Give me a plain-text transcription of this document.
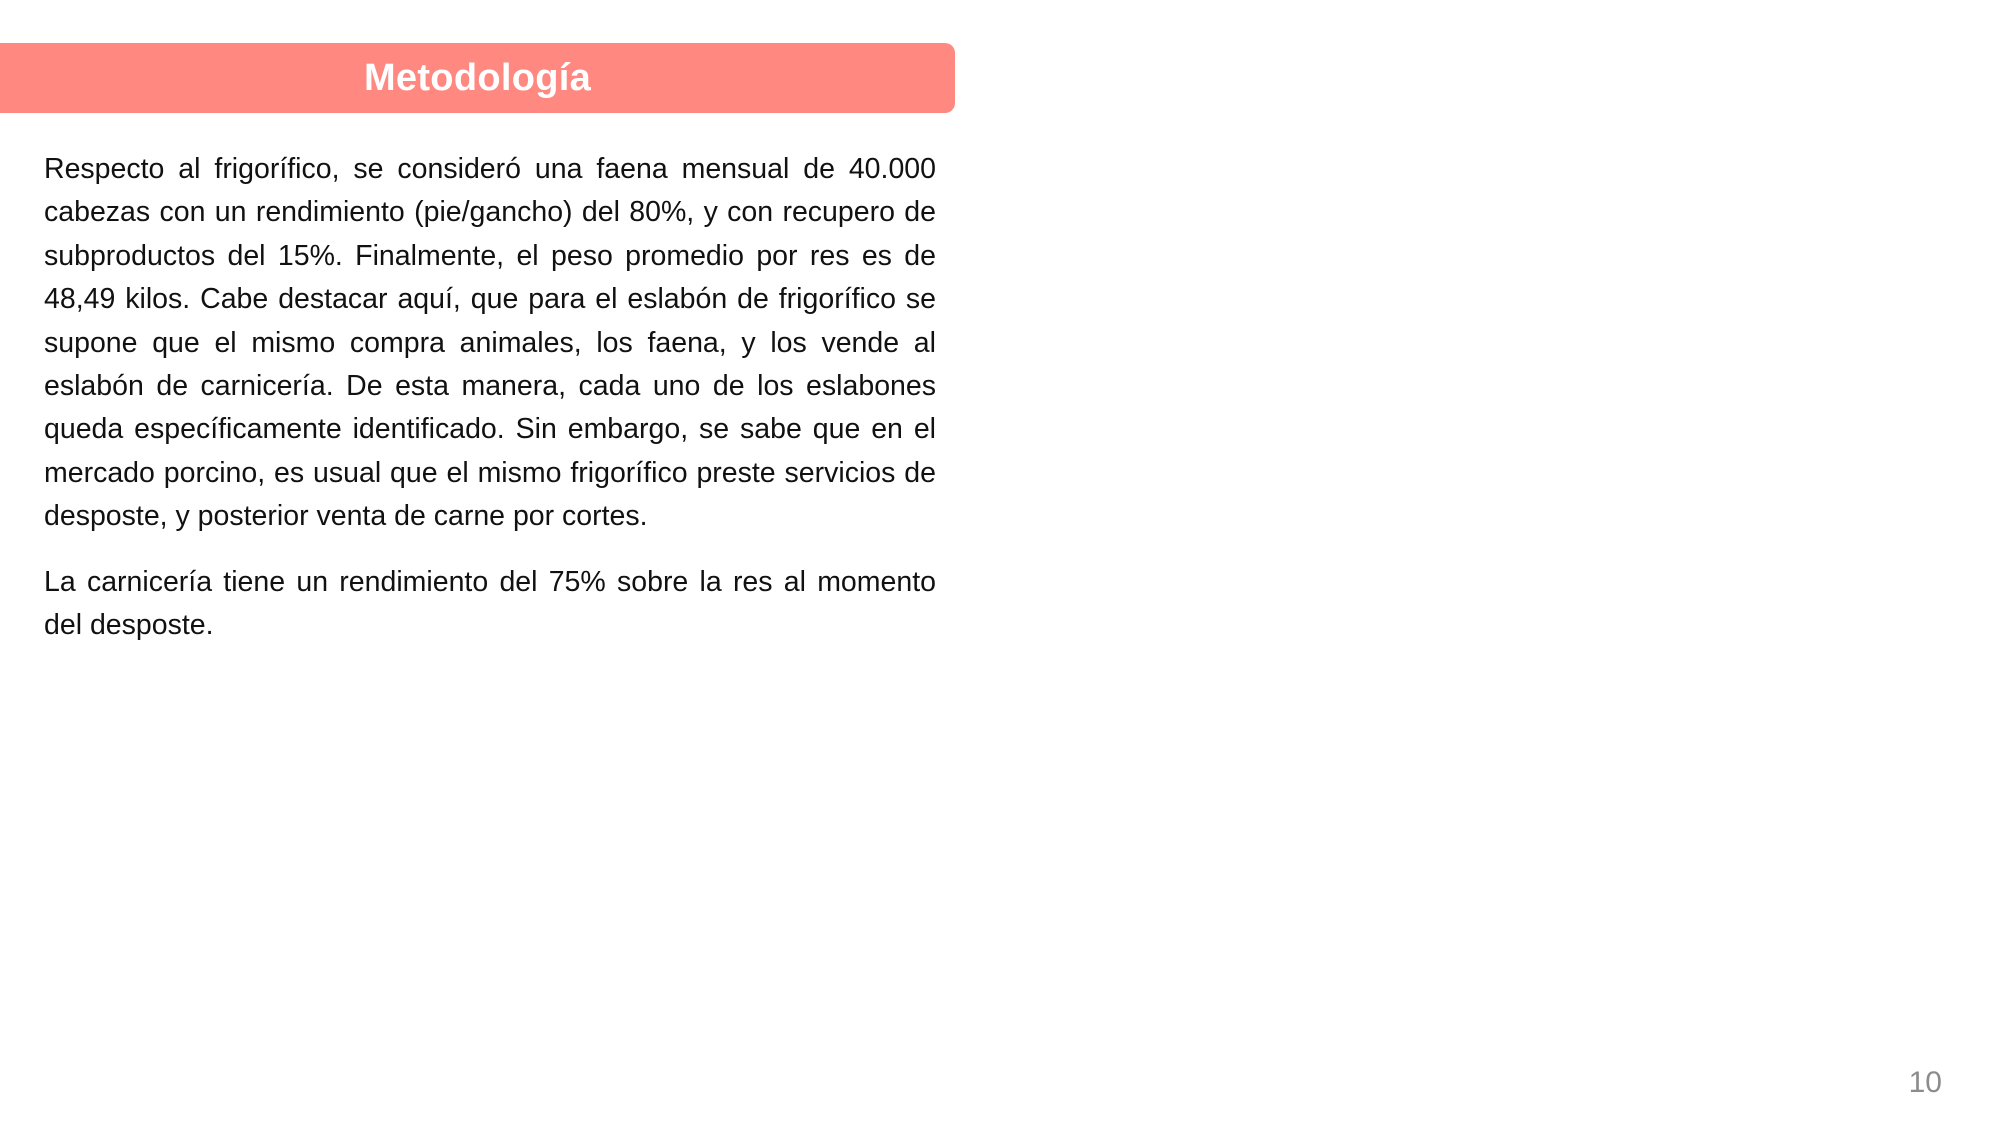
Metodología

Respecto al frigorífico, se consideró una faena mensual de 40.000 cabezas con un rendimiento (pie/gancho) del 80%, y con recupero de subproductos del 15%. Finalmente, el peso promedio por res es de 48,49 kilos. Cabe destacar aquí, que para el eslabón de frigorífico se supone que el mismo compra animales, los faena, y los vende al eslabón de carnicería. De esta manera, cada uno de los eslabones queda específicamente identificado. Sin embargo, se sabe que en el mercado porcino, es usual que el mismo frigorífico preste servicios de desposte, y posterior venta de carne por cortes.

La carnicería tiene un rendimiento del 75% sobre la res al momento del desposte.

10
